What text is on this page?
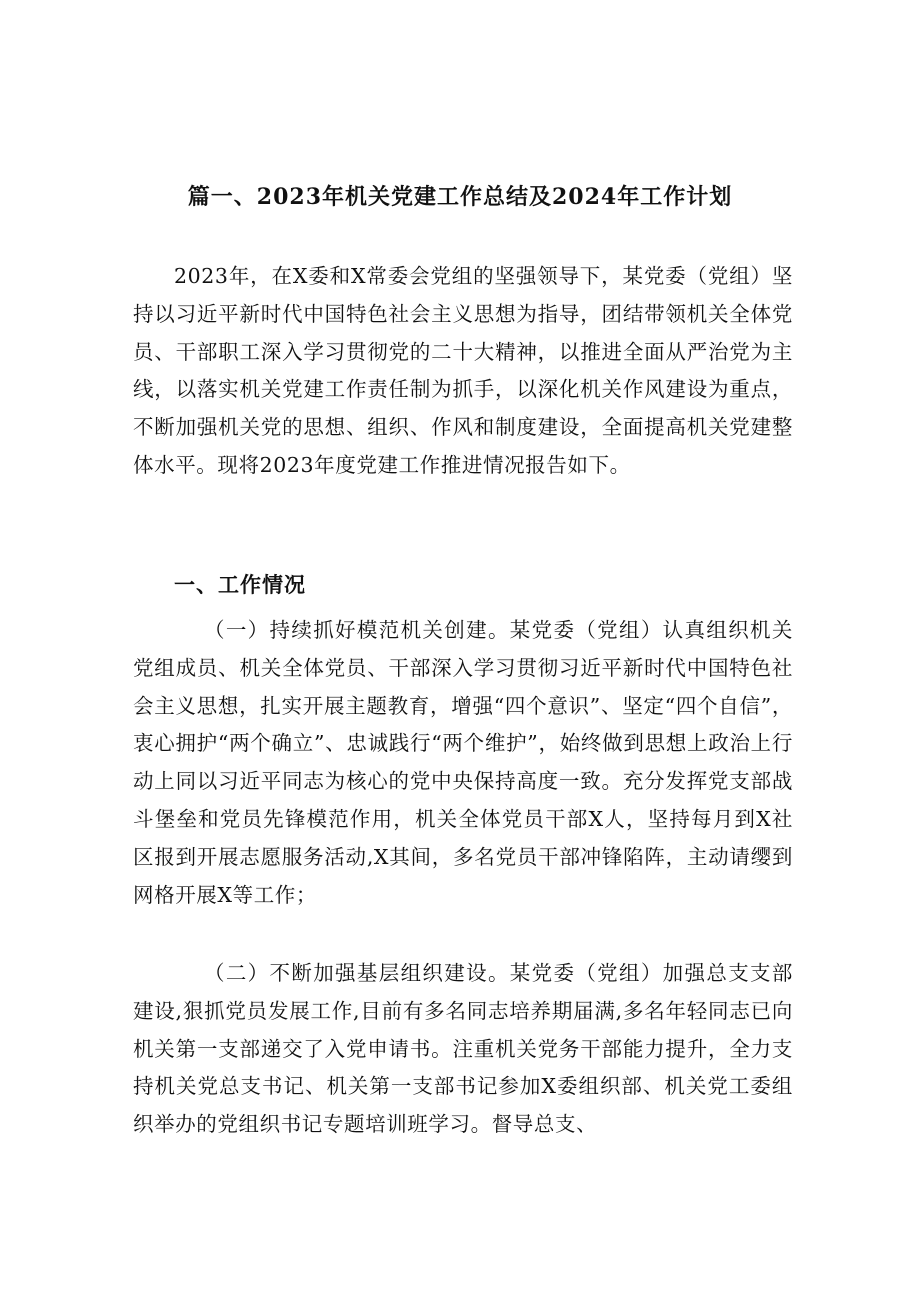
篇一、2023年机关党建工作总结及2024年工作计划

2023年，在X委和X常委会党组的坚强领导下，某党委（党组）坚持以习近平新时代中国特色社会主义思想为指导，团结带领机关全体党员、干部职工深入学习贯彻党的二十大精神，以推进全面从严治党为主线，以落实机关党建工作责任制为抓手，以深化机关作风建设为重点，不断加强机关党的思想、组织、作风和制度建设，全面提高机关党建整体水平。现将2023年度党建工作推进情况报告如下。

一、工作情况

（一）持续抓好模范机关创建。某党委（党组）认真组织机关党组成员、机关全体党员、干部深入学习贯彻习近平新时代中国特色社会主义思想，扎实开展主题教育，增强“四个意识”、坚定“四个自信”，衷心拥护“两个确立”、忠诚践行“两个维护”，始终做到思想上政治上行动上同以习近平同志为核心的党中央保持高度一致。充分发挥党支部战斗堡垒和党员先锋模范作用，机关全体党员干部X人，坚持每月到X社区报到开展志愿服务活动,X其间，多名党员干部冲锋陷阵，主动请缨到网格开展X等工作；

（二）不断加强基层组织建设。某党委（党组）加强总支支部建设,狠抓党员发展工作,目前有多名同志培养期届满,多名年轻同志已向机关第一支部递交了入党申请书。注重机关党务干部能力提升，全力支持机关党总支书记、机关第一支部书记参加X委组织部、机关党工委组织举办的党组织书记专题培训班学习。督导总支、
